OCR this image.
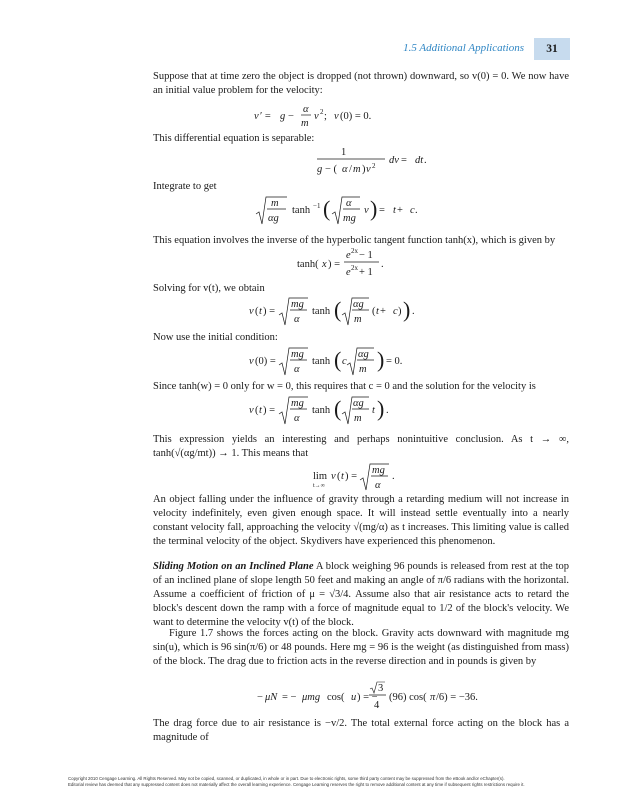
1.5 Additional Applications	31

Suppose that at time zero the object is dropped (not thrown) downward, so v(0) = 0. We now have an initial value problem for the velocity:

v ′ = g −
α
m
v 2 ; v (0) = 0.

This differential equation is separable:

1
g − ( α / m ) v 2 dv = dt .

Integrate to get

m
αg
tanh −1 ( α
mg
v ) = t + c .

This equation involves the inverse of the hyperbolic tangent function tanh(x), which is given by

tanh( x ) =
e 2x − 1
e 2x + 1
.

Solving for v(t), we obtain

v ( t ) =
mg
α
tanh ( αg
m
( t + c ) ) .

Now use the initial condition:

v (0) =
mg
α
tanh ( c
αg
m ) = 0.

Since tanh(w) = 0 only for w = 0, this requires that c = 0 and the solution for the velocity is

v ( t ) =
mg
α
tanh ( αg
m
t ) .

This expression yields an interesting and perhaps nonintuitive conclusion. As t → ∞, tanh(√(αg/mt)) → 1. This means that

lim
t→∞
v ( t ) =
mg
α
.

An object falling under the influence of gravity through a retarding medium will not increase in velocity indefinitely, even given enough space. It will instead settle eventually into a nearly constant velocity fall, approaching the velocity √(mg/α) as t increases. This limiting value is called the terminal velocity of the object. Skydivers have experienced this phenomenon.

Sliding Motion on an Inclined Plane A block weighing 96 pounds is released from rest at the top of an inclined plane of slope length 50 feet and making an angle of π/6 radians with the horizontal. Assume a coefficient of friction of μ = √3/4. Assume also that air resistance acts to retard the block's descent down the ramp with a force of magnitude equal to 1/2 of the block's velocity. We want to determine the velocity v(t) of the block.

Figure 1.7 shows the forces acting on the block. Gravity acts downward with magnitude mg sin(u), which is 96 sin(π/6) or 48 pounds. Here mg = 96 is the weight (as distinguished from mass) of the block. The drag due to friction acts in the reverse direction and in pounds is given by

− μN = − μmg cos( u ) = −
3
4
(96) cos( π /6) = −36.

The drag force due to air resistance is −v/2. The total external force acting on the block has a magnitude of

Copyright 2010 Cengage Learning. All Rights Reserved. May not be copied, scanned, or duplicated, in whole or in part. Due to electronic rights, some third party content may be suppressed from the eBook and/or eChapter(s).
Editorial review has deemed that any suppressed content does not materially affect the overall learning experience. Cengage Learning reserves the right to remove additional content at any time if subsequent rights restrictions require it.
